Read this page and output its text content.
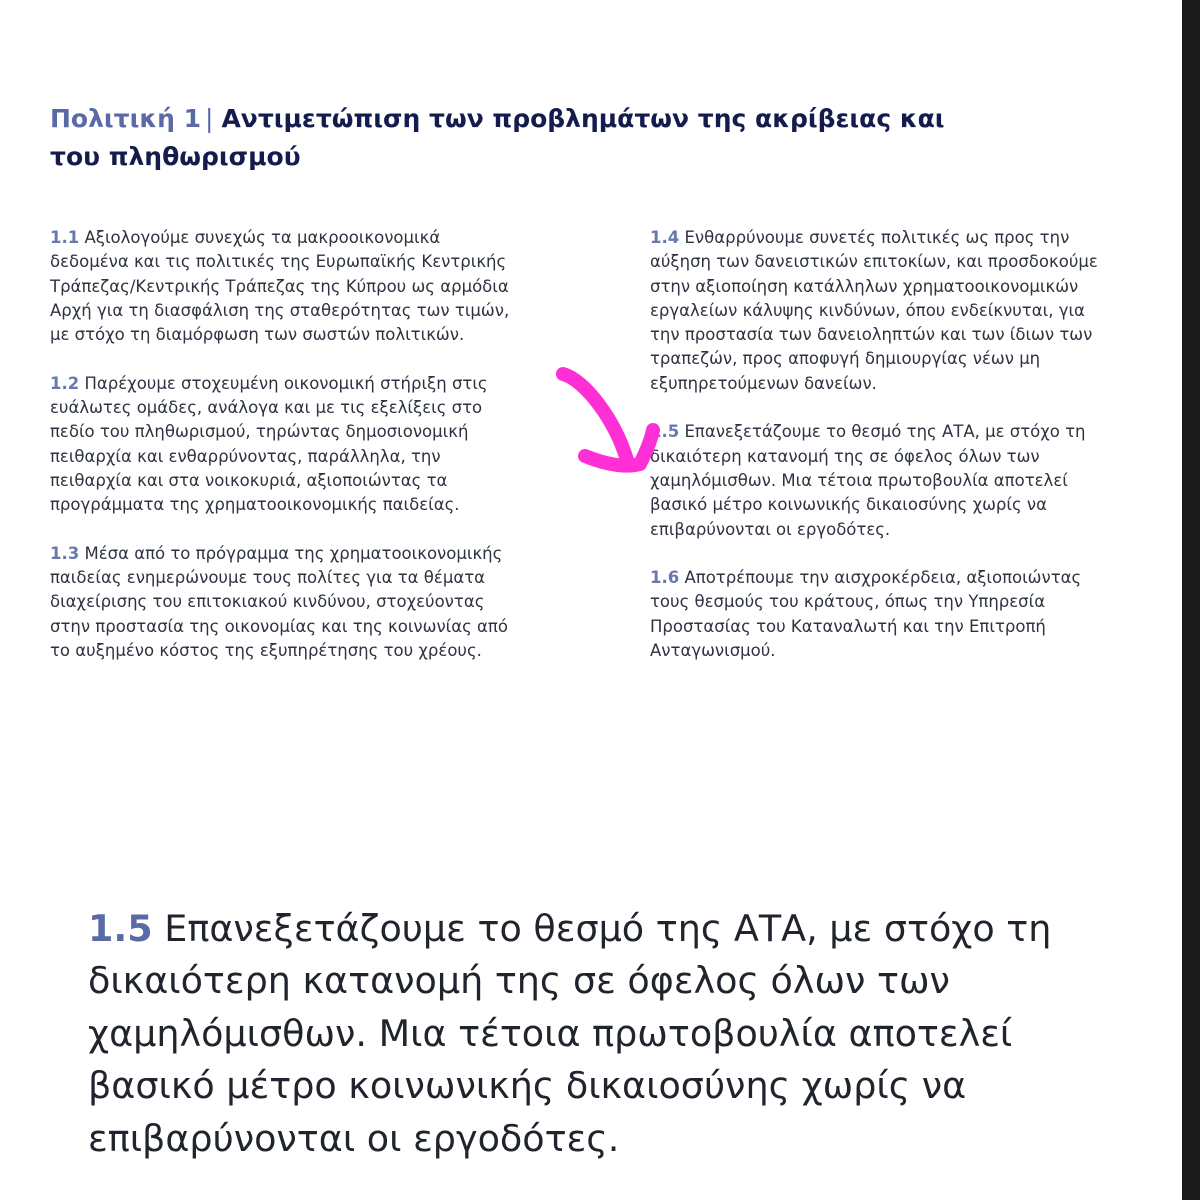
Πολιτική 1 | Αντιμετώπιση των προβλημάτων της ακρίβειας και του πληθωρισμού

1.1 Αξιολογούμε συνεχώς τα μακροοικονομικά δεδομένα και τις πολιτικές της Ευρωπαϊκής Κεντρικής Τράπεζας/Κεντρικής Τράπεζας της Κύπρου ως αρμόδια Αρχή για τη διασφάλιση της σταθερότητας των τιμών, με στόχο τη διαμόρφωση των σωστών πολιτικών.

1.2 Παρέχουμε στοχευμένη οικονομική στήριξη στις ευάλωτες ομάδες, ανάλογα και με τις εξελίξεις στο πεδίο του πληθωρισμού, τηρώντας δημοσιονομική πειθαρχία και ενθαρρύνοντας, παράλληλα, την πειθαρχία και στα νοικοκυριά, αξιοποιώντας τα προγράμματα της χρηματοοικονομικής παιδείας.

1.3 Μέσα από το πρόγραμμα της χρηματοοικονομικής παιδείας ενημερώνουμε τους πολίτες για τα θέματα διαχείρισης του επιτοκιακού κινδύνου, στοχεύοντας στην προστασία της οικονομίας και της κοινωνίας από το αυξημένο κόστος της εξυπηρέτησης του χρέους.

1.4 Ενθαρρύνουμε συνετές πολιτικές ως προς την αύξηση των δανειστικών επιτοκίων, και προσδοκούμε στην αξιοποίηση κατάλληλων χρηματοοικονομικών εργαλείων κάλυψης κινδύνων, όπου ενδείκνυται, για την προστασία των δανειοληπτών και των ίδιων των τραπεζών, προς αποφυγή δημιουργίας νέων μη εξυπηρετούμενων δανείων.

1.5 Επανεξετάζουμε το θεσμό της ΑΤΑ, με στόχο τη δικαιότερη κατανομή της σε όφελος όλων των χαμηλόμισθων. Μια τέτοια πρωτοβουλία αποτελεί βασικό μέτρο κοινωνικής δικαιοσύνης χωρίς να επιβαρύνονται οι εργοδότες.

1.6 Αποτρέπουμε την αισχροκέρδεια, αξιοποιώντας τους θεσμούς του κράτους, όπως την Υπηρεσία Προστασίας του Καταναλωτή και την Επιτροπή Ανταγωνισμού.

1.5 Επανεξετάζουμε το θεσμό της ΑΤΑ, με στόχο τη δικαιότερη κατανομή της σε όφελος όλων των χαμηλόμισθων. Μια τέτοια πρωτοβουλία αποτελεί βασικό μέτρο κοινωνικής δικαιοσύνης χωρίς να επιβαρύνονται οι εργοδότες.
